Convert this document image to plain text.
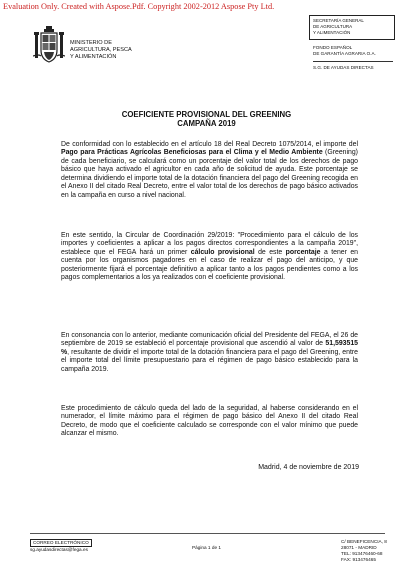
Evaluation Only. Created with Aspose.Pdf. Copyright 2002-2012 Aspose Pty Ltd.
MINISTERIO DE
AGRICULTURA, PESCA
Y ALIMENTACIÓN
SECRETARÍA GENERAL
DE AGRICULTURA
Y ALIMENTACIÓN
FONDO ESPAÑOL
DE GARANTÍA AGRARIA O.A.
S.G. DE AYUDAS DIRECTAS
COEFICIENTE PROVISIONAL DEL GREENING
CAMPAÑA 2019
De conformidad con lo establecido en el artículo 18 del Real Decreto 1075/2014, el importe del Pago para Prácticas Agrícolas Beneficiosas para el Clima y el Medio Ambiente (Greening) de cada beneficiario, se calculará como un porcentaje del valor total de los derechos de pago básico que haya activado el agricultor en cada año de solicitud de ayuda. Este porcentaje se determina dividiendo el importe total de la dotación financiera del pago del Greening recogida en el Anexo II del citado Real Decreto, entre el valor total de los derechos de pago básico activados en la campaña en curso a nivel nacional.
En este sentido, la Circular de Coordinación 29/2019: "Procedimiento para el cálculo de los importes y coeficientes a aplicar a los pagos directos correspondientes a la campaña 2019", establece que el FEGA hará un primer cálculo provisional de este porcentaje a tener en cuenta por los organismos pagadores en el caso de realizar el pago del anticipo, y que posteriormente fijará el porcentaje definitivo a aplicar tanto a los pagos pendientes como a los pagos complementarios a los ya realizados con el coeficiente provisional.
En consonancia con lo anterior, mediante comunicación oficial del Presidente del FEGA, el 26 de septiembre de 2019 se estableció el porcentaje provisional que ascendió al valor de 51,593515 %, resultante de dividir el importe total de la dotación financiera para el pago del Greening, entre el importe total del límite presupuestario para el régimen de pago básico establecido para la campaña 2019.
Este procedimiento de cálculo queda del lado de la seguridad, al haberse considerando en el numerador, el límite máximo para el régimen de pago básico del Anexo II del citado Real Decreto, de modo que el coeficiente calculado se corresponde con el valor mínimo que puede alcanzar el mismo.
Madrid, 4 de noviembre de 2019
CORREO ELECTRÓNICO
sg.ayudasdirectas@fega.es	Página 1 de 1
C/ BENEFICENCIA, 8
28071 - MADRID
TEL: 913476460-68
FAX: 913476465
